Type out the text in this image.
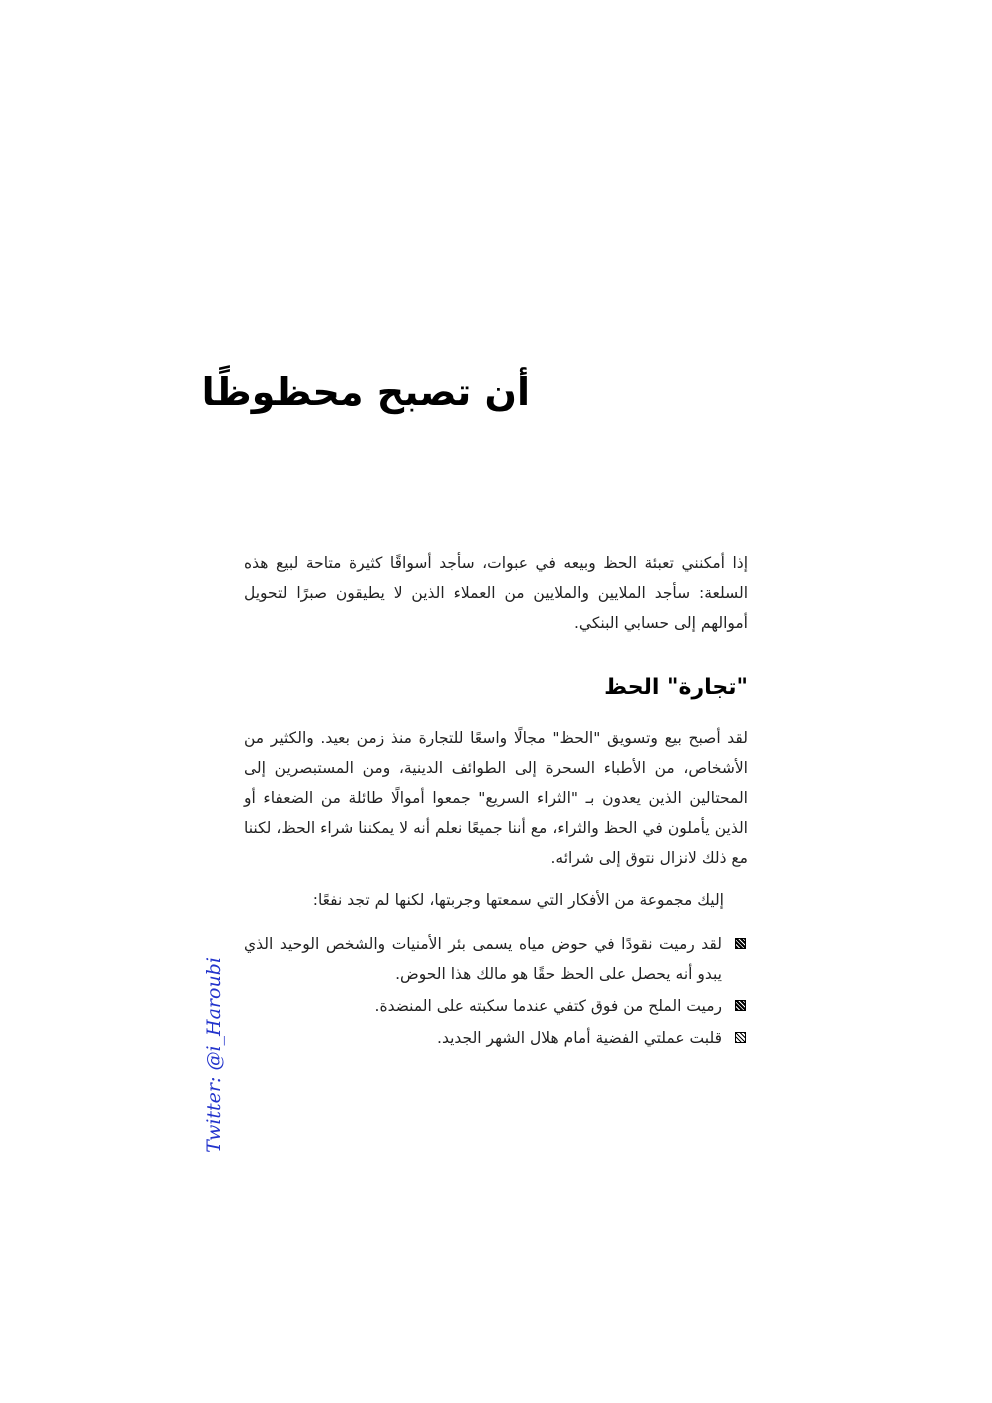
أن تصبح محظوظًا

إذا أمكنني تعبئة الحظ وبيعه في عبوات، سأجد أسواقًا كثيرة متاحة لبيع هذه السلعة: سأجد الملايين والملايين من العملاء الذين لا يطيقون صبرًا لتحويل أموالهم إلى حسابي البنكي.

"تجارة" الحظ

لقد أصبح بيع وتسويق "الحظ" مجالًا واسعًا للتجارة منذ زمن بعيد. والكثير من الأشخاص، من الأطباء السحرة إلى الطوائف الدينية، ومن المستبصرين إلى المحتالين الذين يعدون بـ "الثراء السريع" جمعوا أموالًا طائلة من الضعفاء أو الذين يأملون في الحظ والثراء، مع أننا جميعًا نعلم أنه لا يمكننا شراء الحظ، لكننا مع ذلك لانزال نتوق إلى شرائه.

إليك مجموعة من الأفكار التي سمعتها وجربتها، لكنها لم تجد نفعًا:

لقد رميت نقودًا في حوض مياه يسمى بئر الأمنيات والشخص الوحيد الذي يبدو أنه يحصل على الحظ حقًا هو مالك هذا الحوض.
رميت الملح من فوق كتفي عندما سكبته على المنضدة.
قلبت عملتي الفضية أمام هلال الشهر الجديد.
Twitter: @i_Haroubi
